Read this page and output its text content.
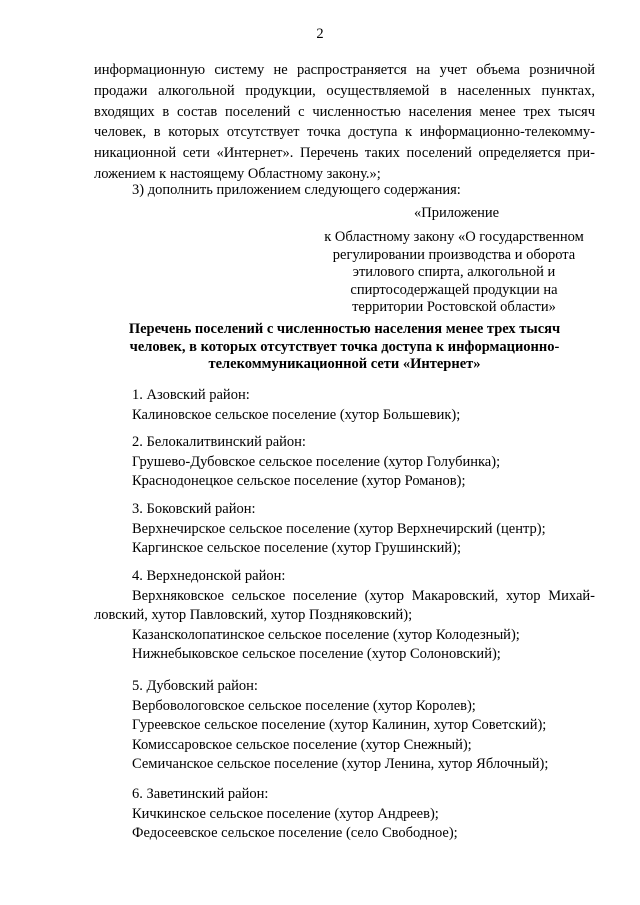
2
информационную систему не распространяется на учет объема розничной
продажи алкогольной продукции, осуществляемой в населенных пунктах,
входящих в состав поселений с численностью населения менее трех тысяч
человек, в которых отсутствует точка доступа к информационно-телекомму-
никационной сети «Интернет». Перечень таких поселений определяется при-
ложением к настоящему Областному закону.»;
3) дополнить приложением следующего содержания:
«Приложение
к Областному закону «О государственном
регулировании производства и оборота
этилового спирта, алкогольной и
спиртосодержащей продукции на
территории Ростовской области»
Перечень поселений с численностью населения менее трех тысяч
человек, в которых отсутствует точка доступа к информационно-
телекоммуникационной сети «Интернет»
1. Азовский район:
Калиновское сельское поселение (хутор Большевик);
2. Белокалитвинский район:
Грушево-Дубовское сельское поселение (хутор Голубинка);
Краснодонецкое сельское поселение (хутор Романов);
3. Боковский район:
Верхнечирское сельское поселение (хутор Верхнечирский (центр);
Каргинское сельское поселение (хутор Грушинский);
4. Верхнедонской район:
Верхняковское сельское поселение (хутор Макаровский, хутор Михай-
ловский, хутор Павловский, хутор Поздняковский);
Казансколопатинское сельское поселение (хутор Колодезный);
Нижнебыковское сельское поселение (хутор Солоновский);
5. Дубовский район:
Вербовологовское сельское поселение (хутор Королев);
Гуреевское сельское поселение (хутор Калинин, хутор Советский);
Комиссаровское сельское поселение (хутор Снежный);
Семичанское сельское поселение (хутор Ленина, хутор Яблочный);
6. Заветинский район:
Кичкинское сельское поселение (хутор Андреев);
Федосеевское сельское поселение (село Свободное);
